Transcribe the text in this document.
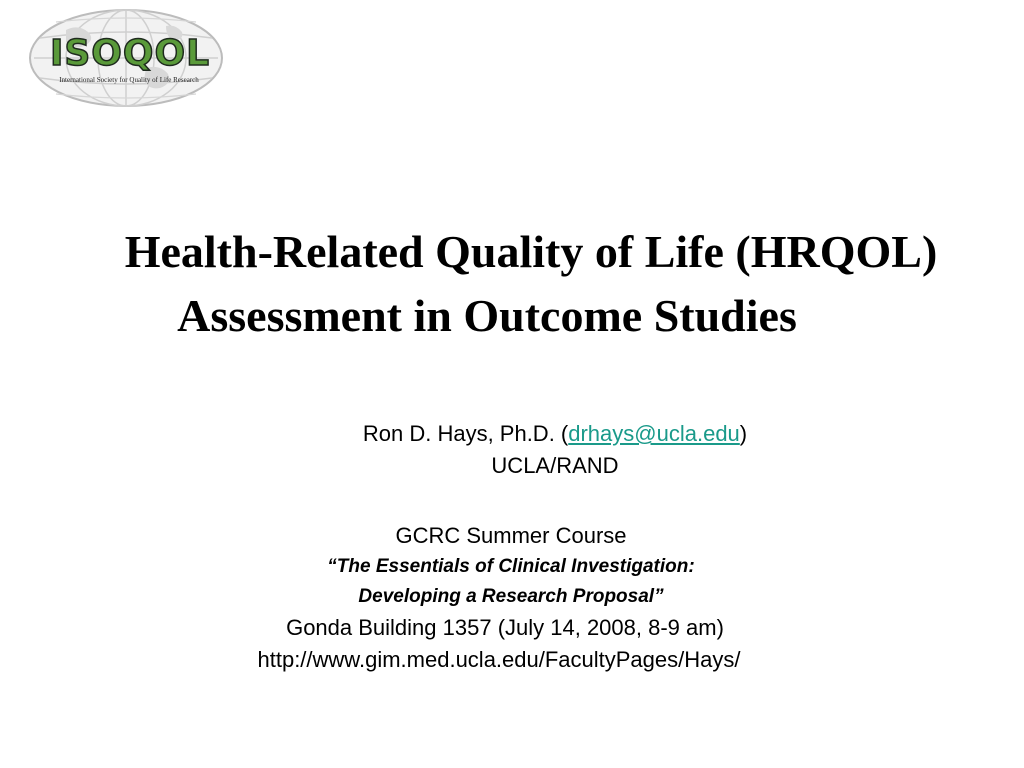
ISOQOL
International Society for Quality of Life Research
Health-Related Quality of Life (HRQOL)
Assessment in Outcome Studies
Ron D. Hays, Ph.D. (drhays@ucla.edu)
UCLA/RAND
GCRC Summer Course
“The Essentials of Clinical Investigation:
Developing a Research Proposal”
Gonda Building 1357 (July 14, 2008, 8-9 am)
http://www.gim.med.ucla.edu/FacultyPages/Hays/
